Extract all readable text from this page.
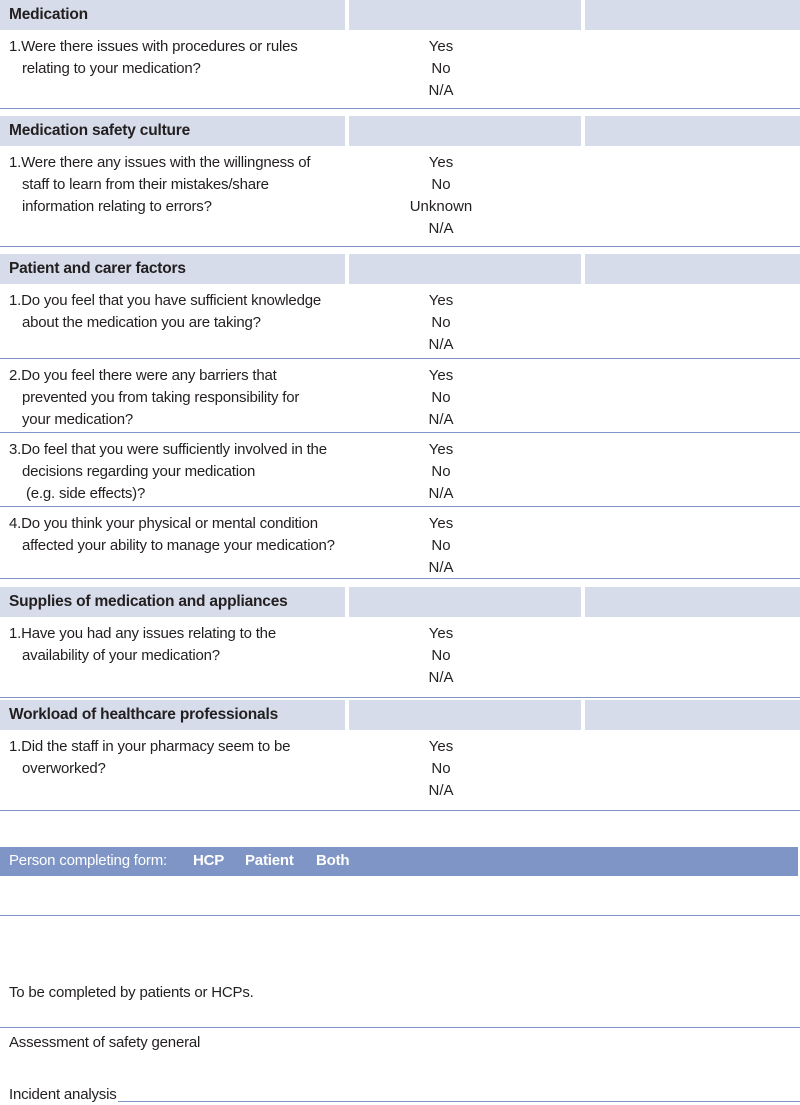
Medication
1.Were there issues with procedures or rules
relating to your medication?
Yes
No
N/A
Medication safety culture
1.Were there any issues with the willingness of
staff to learn from their mistakes/share
information relating to errors?
Yes
No
Unknown
N/A
Patient and carer factors
1.Do you feel that you have sufficient knowledge
about the medication you are taking?
Yes
No
N/A
2.Do you feel there were any barriers that
prevented you from taking responsibility for
your medication?
Yes
No
N/A
3.Do feel that you were sufficiently involved in the
decisions regarding your medication
(e.g. side effects)?
Yes
No
N/A
4.Do you think your physical or mental condition
affected your ability to manage your medication?
Yes
No
N/A
Supplies of medication and appliances
1.Have you had any issues relating to the
availability of your medication?
Yes
No
N/A
Workload of healthcare professionals
1.Did the staff in your pharmacy seem to be
overworked?
Yes
No
N/A
Person completing form: HCP Patient Both
To be completed by patients or HCPs.
Assessment of safety general
Incident analysis
